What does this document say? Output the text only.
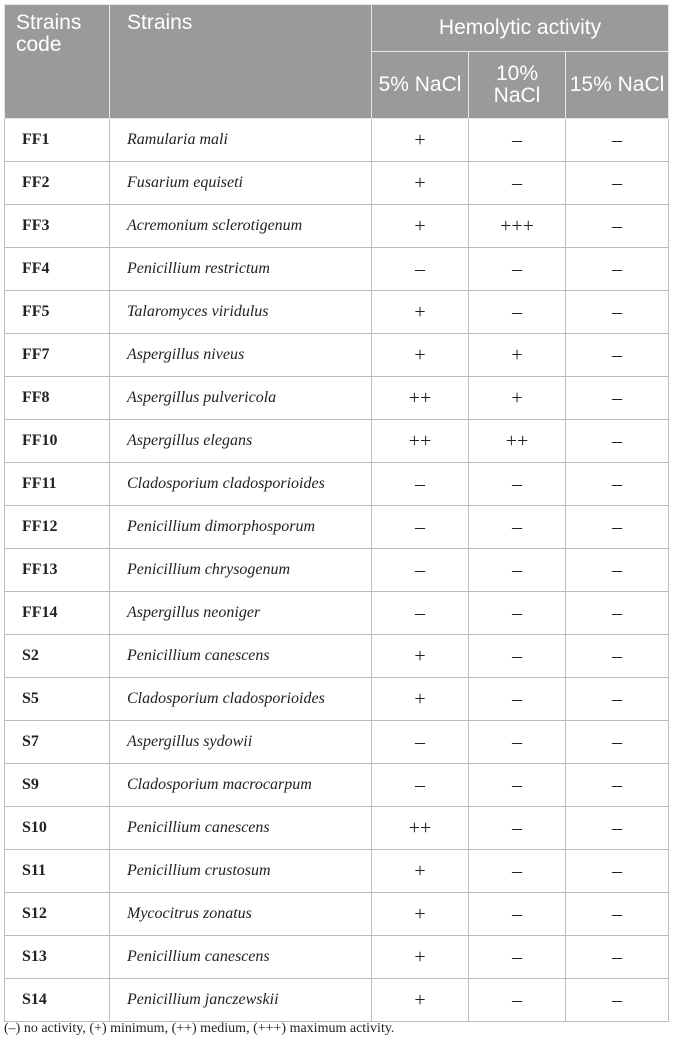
Strains code	Strains	Hemolytic activity		
		5% NaCl	10% NaCl	15% NaCl
FF1	Ramularia mali	+	–	–
FF2	Fusarium equiseti	+	–	–
FF3	Acremonium sclerotigenum	+	+++	–
FF4	Penicillium restrictum	–	–	–
FF5	Talaromyces viridulus	+	–	–
FF7	Aspergillus niveus	+	+	–
FF8	Aspergillus pulvericola	++	+	–
FF10	Aspergillus elegans	++	++	–
FF11	Cladosporium cladosporioides	–	–	–
FF12	Penicillium dimorphosporum	–	–	–
FF13	Penicillium chrysogenum	–	–	–
FF14	Aspergillus neoniger	–	–	–
S2	Penicillium canescens	+	–	–
S5	Cladosporium cladosporioides	+	–	–
S7	Aspergillus sydowii	–	–	–
S9	Cladosporium macrocarpum	–	–	–
S10	Penicillium canescens	++	–	–
S11	Penicillium crustosum	+	–	–
S12	Mycocitrus zonatus	+	–	–
S13	Penicillium canescens	+	–	–
S14	Penicillium janczewskii	+	–	–
(–) no activity, (+) minimum, (++) medium, (+++) maximum activity.
